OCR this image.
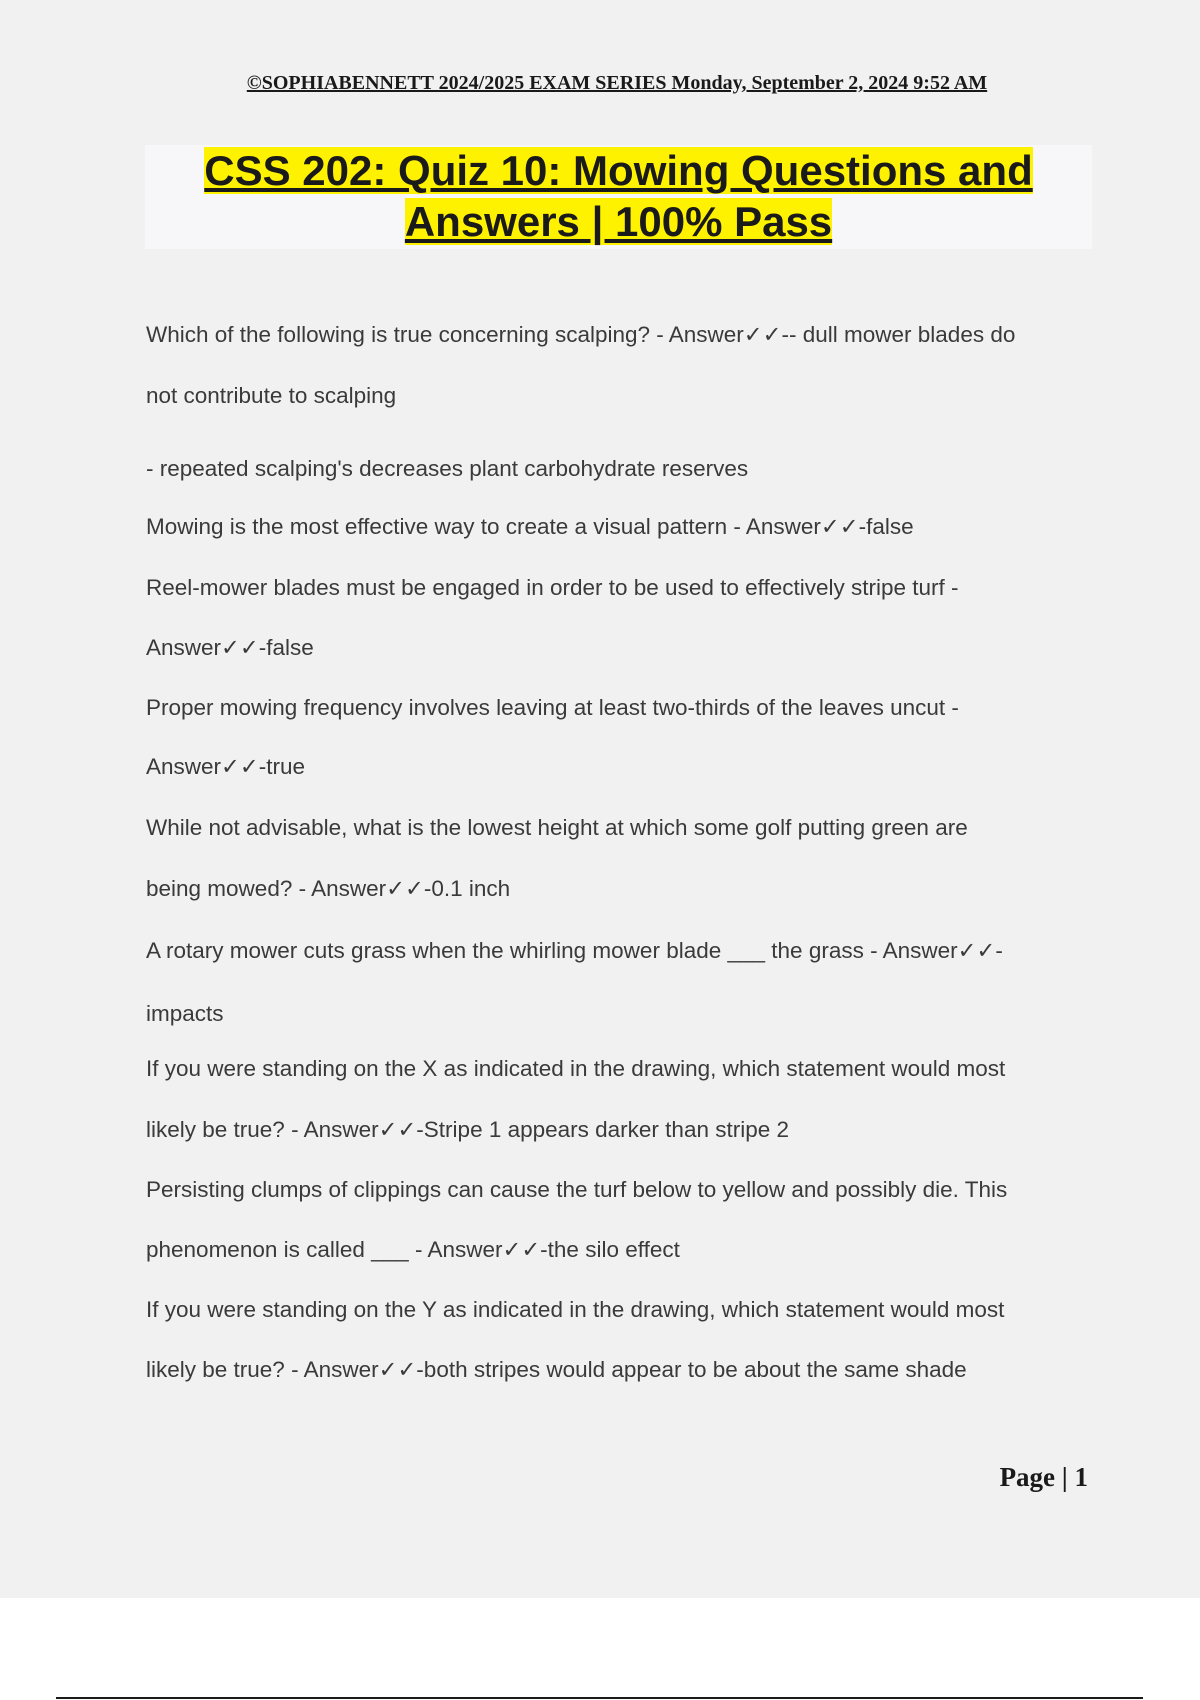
©SOPHIABENNETT 2024/2025 EXAM SERIES Monday, September 2, 2024 9:52 AM
CSS 202: Quiz 10: Mowing Questions and
Answers | 100% Pass
Which of the following is true concerning scalping? - Answer✓✓-- dull mower blades do
not contribute to scalping
- repeated scalping's decreases plant carbohydrate reserves
Mowing is the most effective way to create a visual pattern - Answer✓✓-false
Reel-mower blades must be engaged in order to be used to effectively stripe turf -
Answer✓✓-false
Proper mowing frequency involves leaving at least two-thirds of the leaves uncut -
Answer✓✓-true
While not advisable, what is the lowest height at which some golf putting green are
being mowed? - Answer✓✓-0.1 inch
A rotary mower cuts grass when the whirling mower blade ___ the grass - Answer✓✓-
impacts
If you were standing on the X as indicated in the drawing, which statement would most
likely be true? - Answer✓✓-Stripe 1 appears darker than stripe 2
Persisting clumps of clippings can cause the turf below to yellow and possibly die. This
phenomenon is called ___ - Answer✓✓-the silo effect
If you were standing on the Y as indicated in the drawing, which statement would most
likely be true? - Answer✓✓-both stripes would appear to be about the same shade
Page | 1
